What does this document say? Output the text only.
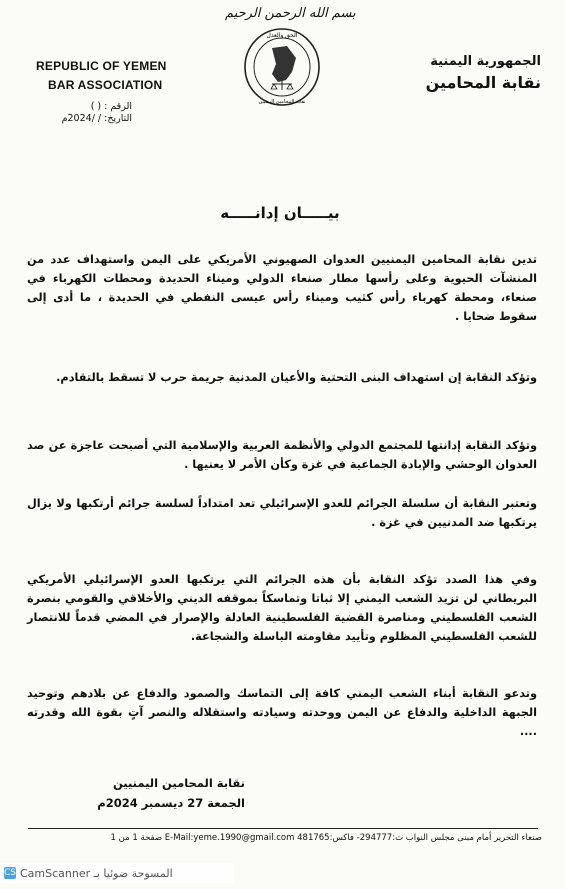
بسم الله الرحمن الرحيم
الحق والعدل
نقابة المحامين اليمنيين
REPUBLIC OF YEMEN
BAR ASSOCIATION
الرقم : ( )
التاريخ: / /2024م
الجمهورية اليمنية
نقابة المحامين
بيـــــان إدانـــــه
تدين نقابة المحامين اليمنيين العدوان الصهيوني الأمريكي على اليمن واستهداف عدد من المنشآت الحيوية وعلى رأسها مطار صنعاء الدولي وميناء الحديدة ومحطات الكهرباء في صنعاء، ومحطة كهرباء رأس كثيب وميناء رأس عيسى النفطي في الحديدة ، ما أدى إلى سقوط ضحايا .
وتؤكد النقابة إن استهداف البنى التحتية والأعيان المدنية جريمة حرب لا تسقط بالتقادم.
وتؤكد النقابة إدانتها للمجتمع الدولي والأنظمة العربية والإسلامية التي أصبحت عاجزة عن صد العدوان الوحشي والإبادة الجماعية في غزة وكأن الأمر لا يعنيها .
وتعتبر النقابة أن سلسلة الجرائم للعدو الإسرائيلي تعد امتداداً لسلسة جرائم أرتكبها ولا يزال يرتكبها ضد المدنيين في غزة .
وفي هذا الصدد تؤكد النقابة بأن هذه الجرائم التي يرتكبها العدو الإسرائيلي الأمريكي البريطاني لن تزيد الشعب اليمني إلا ثباتا وتماسكاً بموقفه الديني والأخلاقي والقومي بنصرة الشعب الفلسطيني ومناصرة القضية الفلسطينية العادلة والإصرار في المضي قدماً للانتصار للشعب الفلسطيني المظلوم وتأييد مقاومته الباسلة والشجاعة.
وتدعو النقابة أبناء الشعب اليمني كافة إلى التماسك والصمود والدفاع عن بلادهم وتوحيد الجبهة الداخلية والدفاع عن اليمن ووحدته وسيادته واستقلاله والنصر آتٍ بقوة الله وقدرته ....
نقابة المحامين اليمنيين
الجمعة 27 ديسمبر 2024م
صنعاء التحرير أمام مبنى مجلس النواب ت:294777- فاكس:481765 E-Mail:yeme.1990@gmail.com صفحة 1 من 1
CS CamScanner المسوحة ضوئيا بـ
